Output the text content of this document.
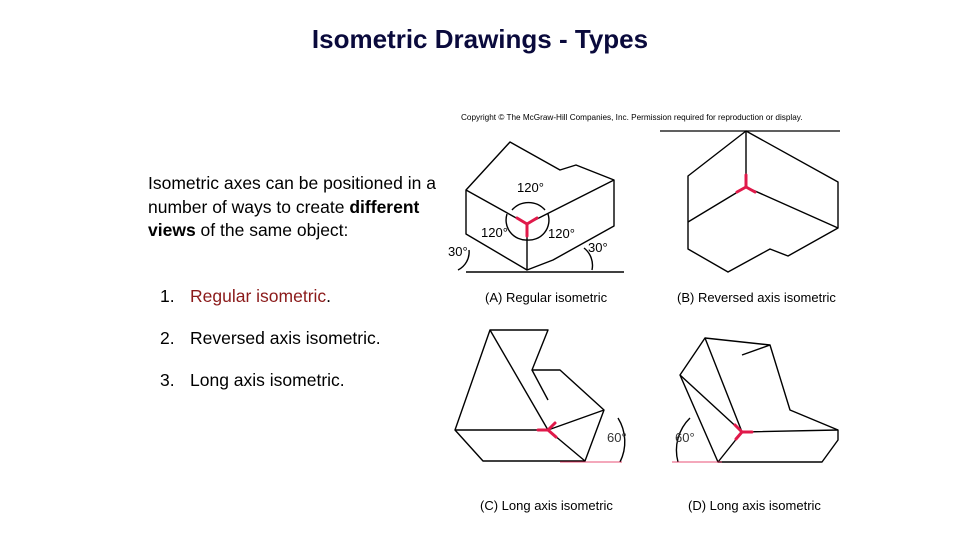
Isometric Drawings - Types
Isometric axes can be positioned in a number of ways to create different views of the same object:
1. Regular isometric.
2. Reversed axis isometric.
3. Long axis isometric.
Copyright © The McGraw-Hill Companies, Inc. Permission required for reproduction or display.
120°
120°	120°
30°	30°
(A) Regular isometric	(B) Reversed axis isometric
60°
(C) Long axis isometric
60°
(D) Long axis isometric
